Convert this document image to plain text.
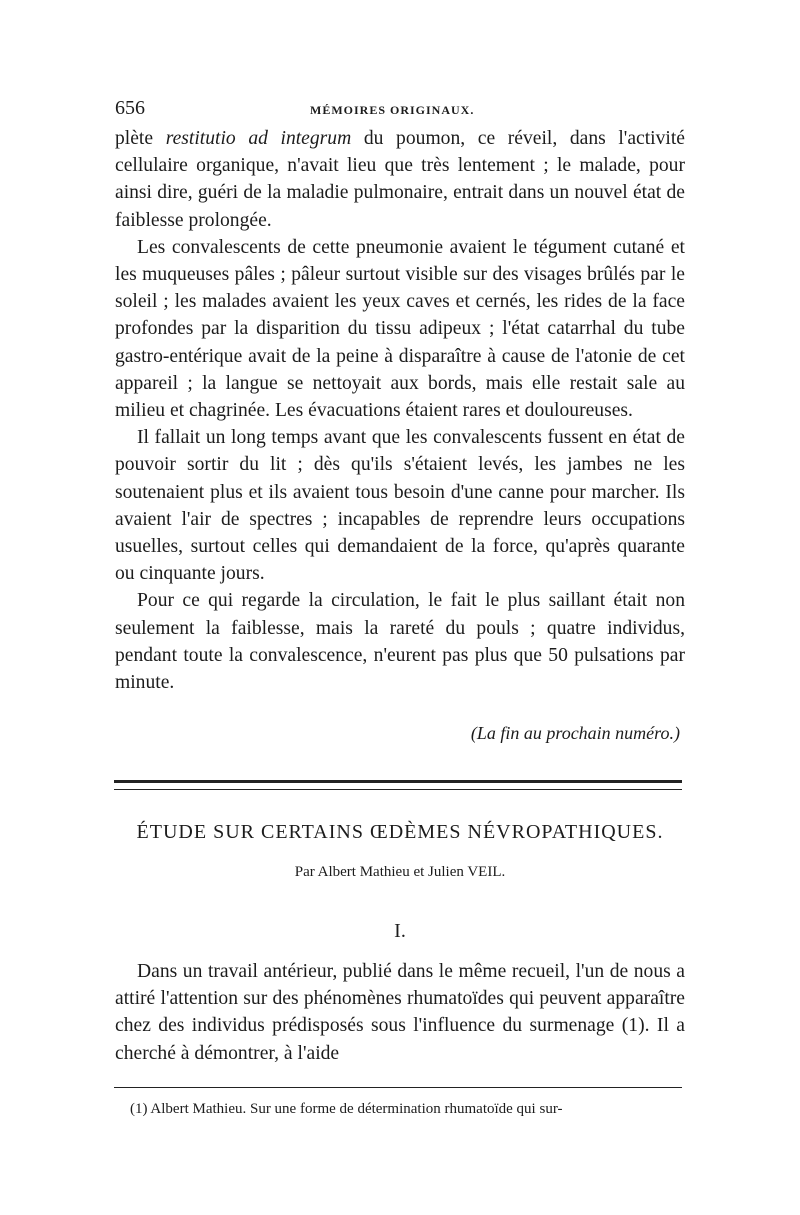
656	MÉMOIRES ORIGINAUX.

plète restitutio ad integrum du poumon, ce réveil, dans l'activité cellulaire organique, n'avait lieu que très lentement ; le malade, pour ainsi dire, guéri de la maladie pulmonaire, entrait dans un nouvel état de faiblesse prolongée.

Les convalescents de cette pneumonie avaient le tégument cutané et les muqueuses pâles ; pâleur surtout visible sur des visages brûlés par le soleil ; les malades avaient les yeux caves et cernés, les rides de la face profondes par la disparition du tissu adipeux ; l'état catarrhal du tube gastro-entérique avait de la peine à disparaître à cause de l'atonie de cet appareil ; la langue se nettoyait aux bords, mais elle restait sale au milieu et chagrinée. Les évacuations étaient rares et douloureuses.

Il fallait un long temps avant que les convalescents fussent en état de pouvoir sortir du lit ; dès qu'ils s'étaient levés, les jambes ne les soutenaient plus et ils avaient tous besoin d'une canne pour marcher. Ils avaient l'air de spectres ; incapables de reprendre leurs occupations usuelles, surtout celles qui demandaient de la force, qu'après quarante ou cinquante jours.

Pour ce qui regarde la circulation, le fait le plus saillant était non seulement la faiblesse, mais la rareté du pouls ; quatre individus, pendant toute la convalescence, n'eurent pas plus que 50 pulsations par minute.

(La fin au prochain numéro.)
ÉTUDE SUR CERTAINS ŒDÈMES NÉVROPATHIQUES.
Par Albert Mathieu et Julien VEIL.
I.

Dans un travail antérieur, publié dans le même recueil, l'un de nous a attiré l'attention sur des phénomènes rhumatoïdes qui peuvent apparaître chez des individus prédisposés sous l'influence du surmenage (1). Il a cherché à démontrer, à l'aide

(1) Albert Mathieu. Sur une forme de détermination rhumatoïde qui sur-
